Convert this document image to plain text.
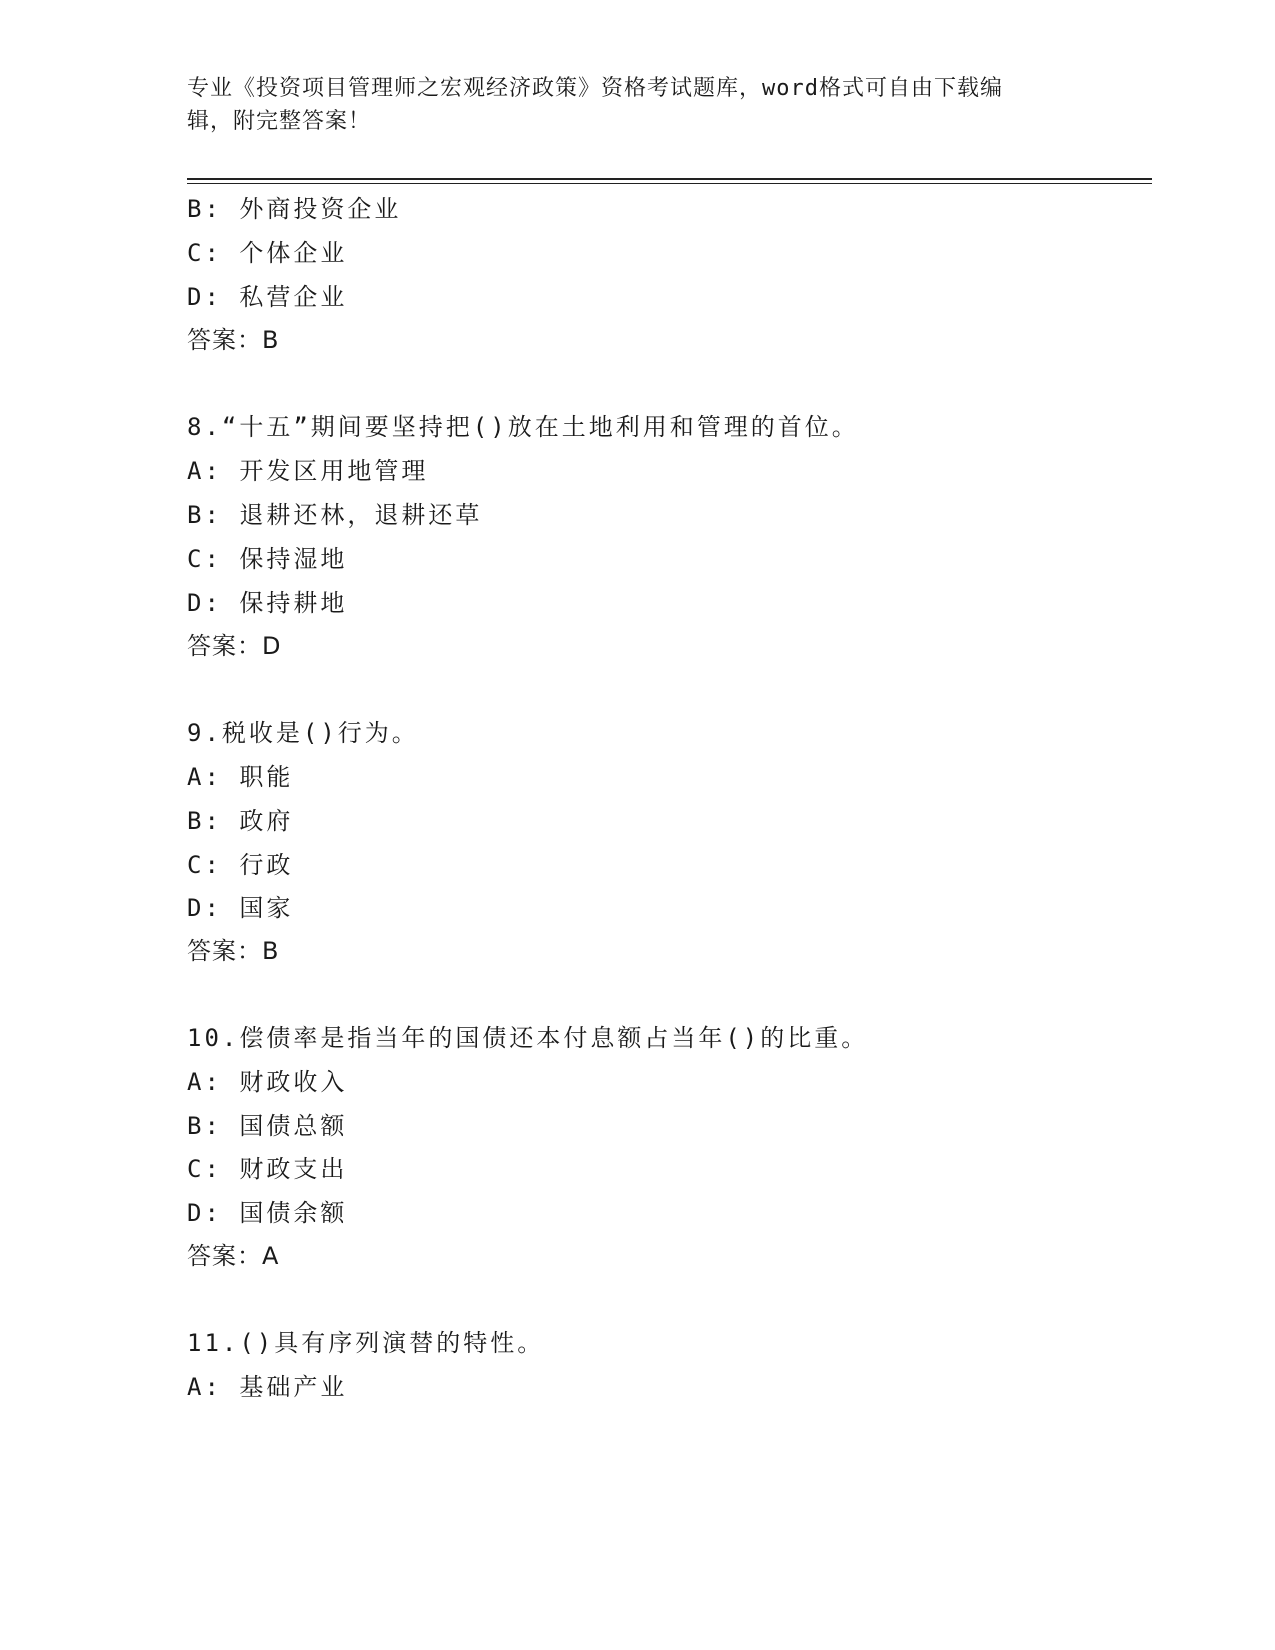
专业《投资项目管理师之宏观经济政策》资格考试题库，word格式可自由下载编
辑，附完整答案！
B: 外商投资企业
C: 个体企业
D: 私营企业
答案：B
8.“十五”期间要坚持把()放在土地利用和管理的首位。
A: 开发区用地管理
B: 退耕还林，退耕还草
C: 保持湿地
D: 保持耕地
答案：D
9.税收是()行为。
A: 职能
B: 政府
C: 行政
D: 国家
答案：B
10.偿债率是指当年的国债还本付息额占当年()的比重。
A: 财政收入
B: 国债总额
C: 财政支出
D: 国债余额
答案：A
11.()具有序列演替的特性。
A: 基础产业
